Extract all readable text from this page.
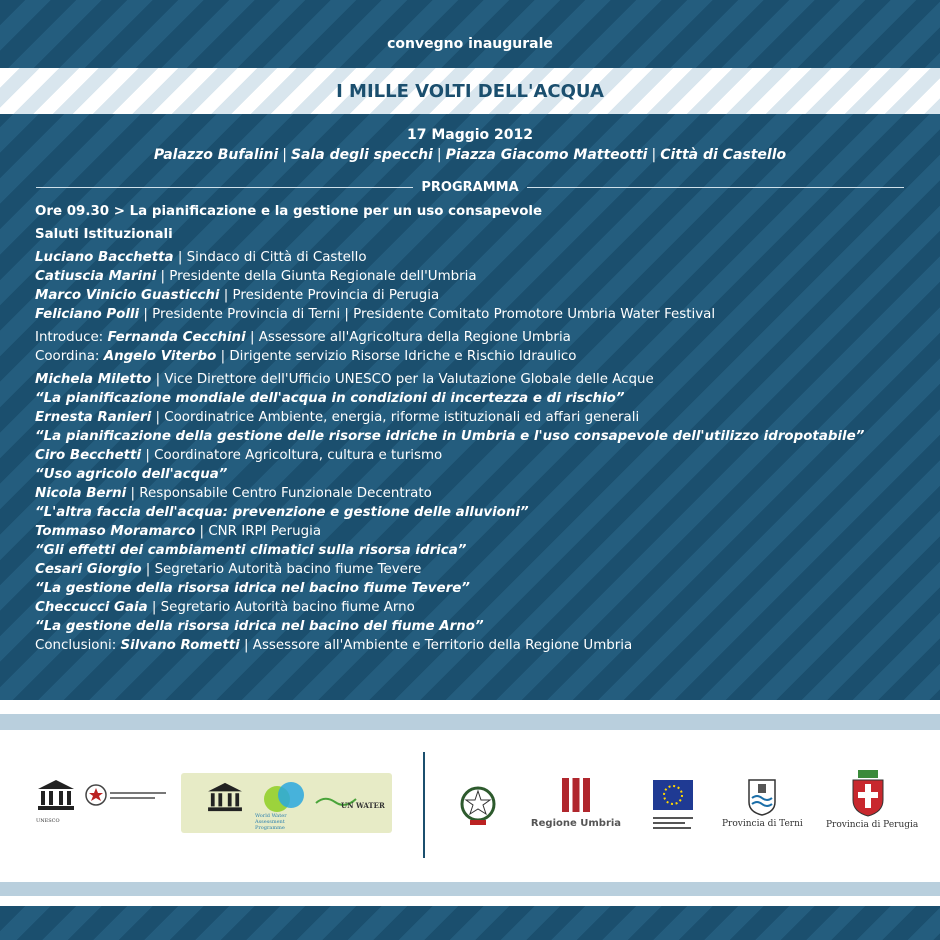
convegno inaugurale
I MILLE VOLTI DELL'ACQUA
17 Maggio 2012
Palazzo Bufalini | Sala degli specchi | Piazza Giacomo Matteotti | Città di Castello
PROGRAMMA
Ore 09.30 > La pianificazione e la gestione per un uso consapevole
Saluti Istituzionali
Luciano Bacchetta | Sindaco di Città di Castello
Catiuscia Marini | Presidente della Giunta Regionale dell'Umbria
Marco Vinicio Guasticchi | Presidente Provincia di Perugia
Feliciano Polli | Presidente Provincia di Terni | Presidente Comitato Promotore Umbria Water Festival
Introduce: Fernanda Cecchini | Assessore all'Agricoltura della Regione Umbria
Coordina: Angelo Viterbo | Dirigente servizio Risorse Idriche e Rischio Idraulico
Michela Miletto | Vice Direttore dell'Ufficio UNESCO per la Valutazione Globale delle Acque
“La pianificazione mondiale dell'acqua in condizioni di incertezza e di rischio”
Ernesta Ranieri | Coordinatrice Ambiente, energia, riforme istituzionali ed affari generali
“La pianificazione della gestione delle risorse idriche in Umbria e l'uso consapevole dell'utilizzo idropotabile”
Ciro Becchetti | Coordinatore Agricoltura, cultura e turismo
“Uso agricolo dell'acqua”
Nicola Berni | Responsabile Centro Funzionale Decentrato
“L'altra faccia dell'acqua: prevenzione e gestione delle alluvioni”
Tommaso Moramarco | CNR IRPI Perugia
“Gli effetti dei cambiamenti climatici sulla risorsa idrica”
Cesari Giorgio | Segretario Autorità bacino fiume Tevere
“La gestione della risorsa idrica nel bacino fiume Tevere”
Checcucci Gaia | Segretario Autorità bacino fiume Arno
“La gestione della risorsa idrica nel bacino del fiume Arno”
Conclusioni: Silvano Rometti | Assessore all'Ambiente e Territorio della Regione Umbria
UNESCO
World Water Assessment Programme
UN WATER
Regione Umbria	Provincia di Terni	Provincia di Perugia
